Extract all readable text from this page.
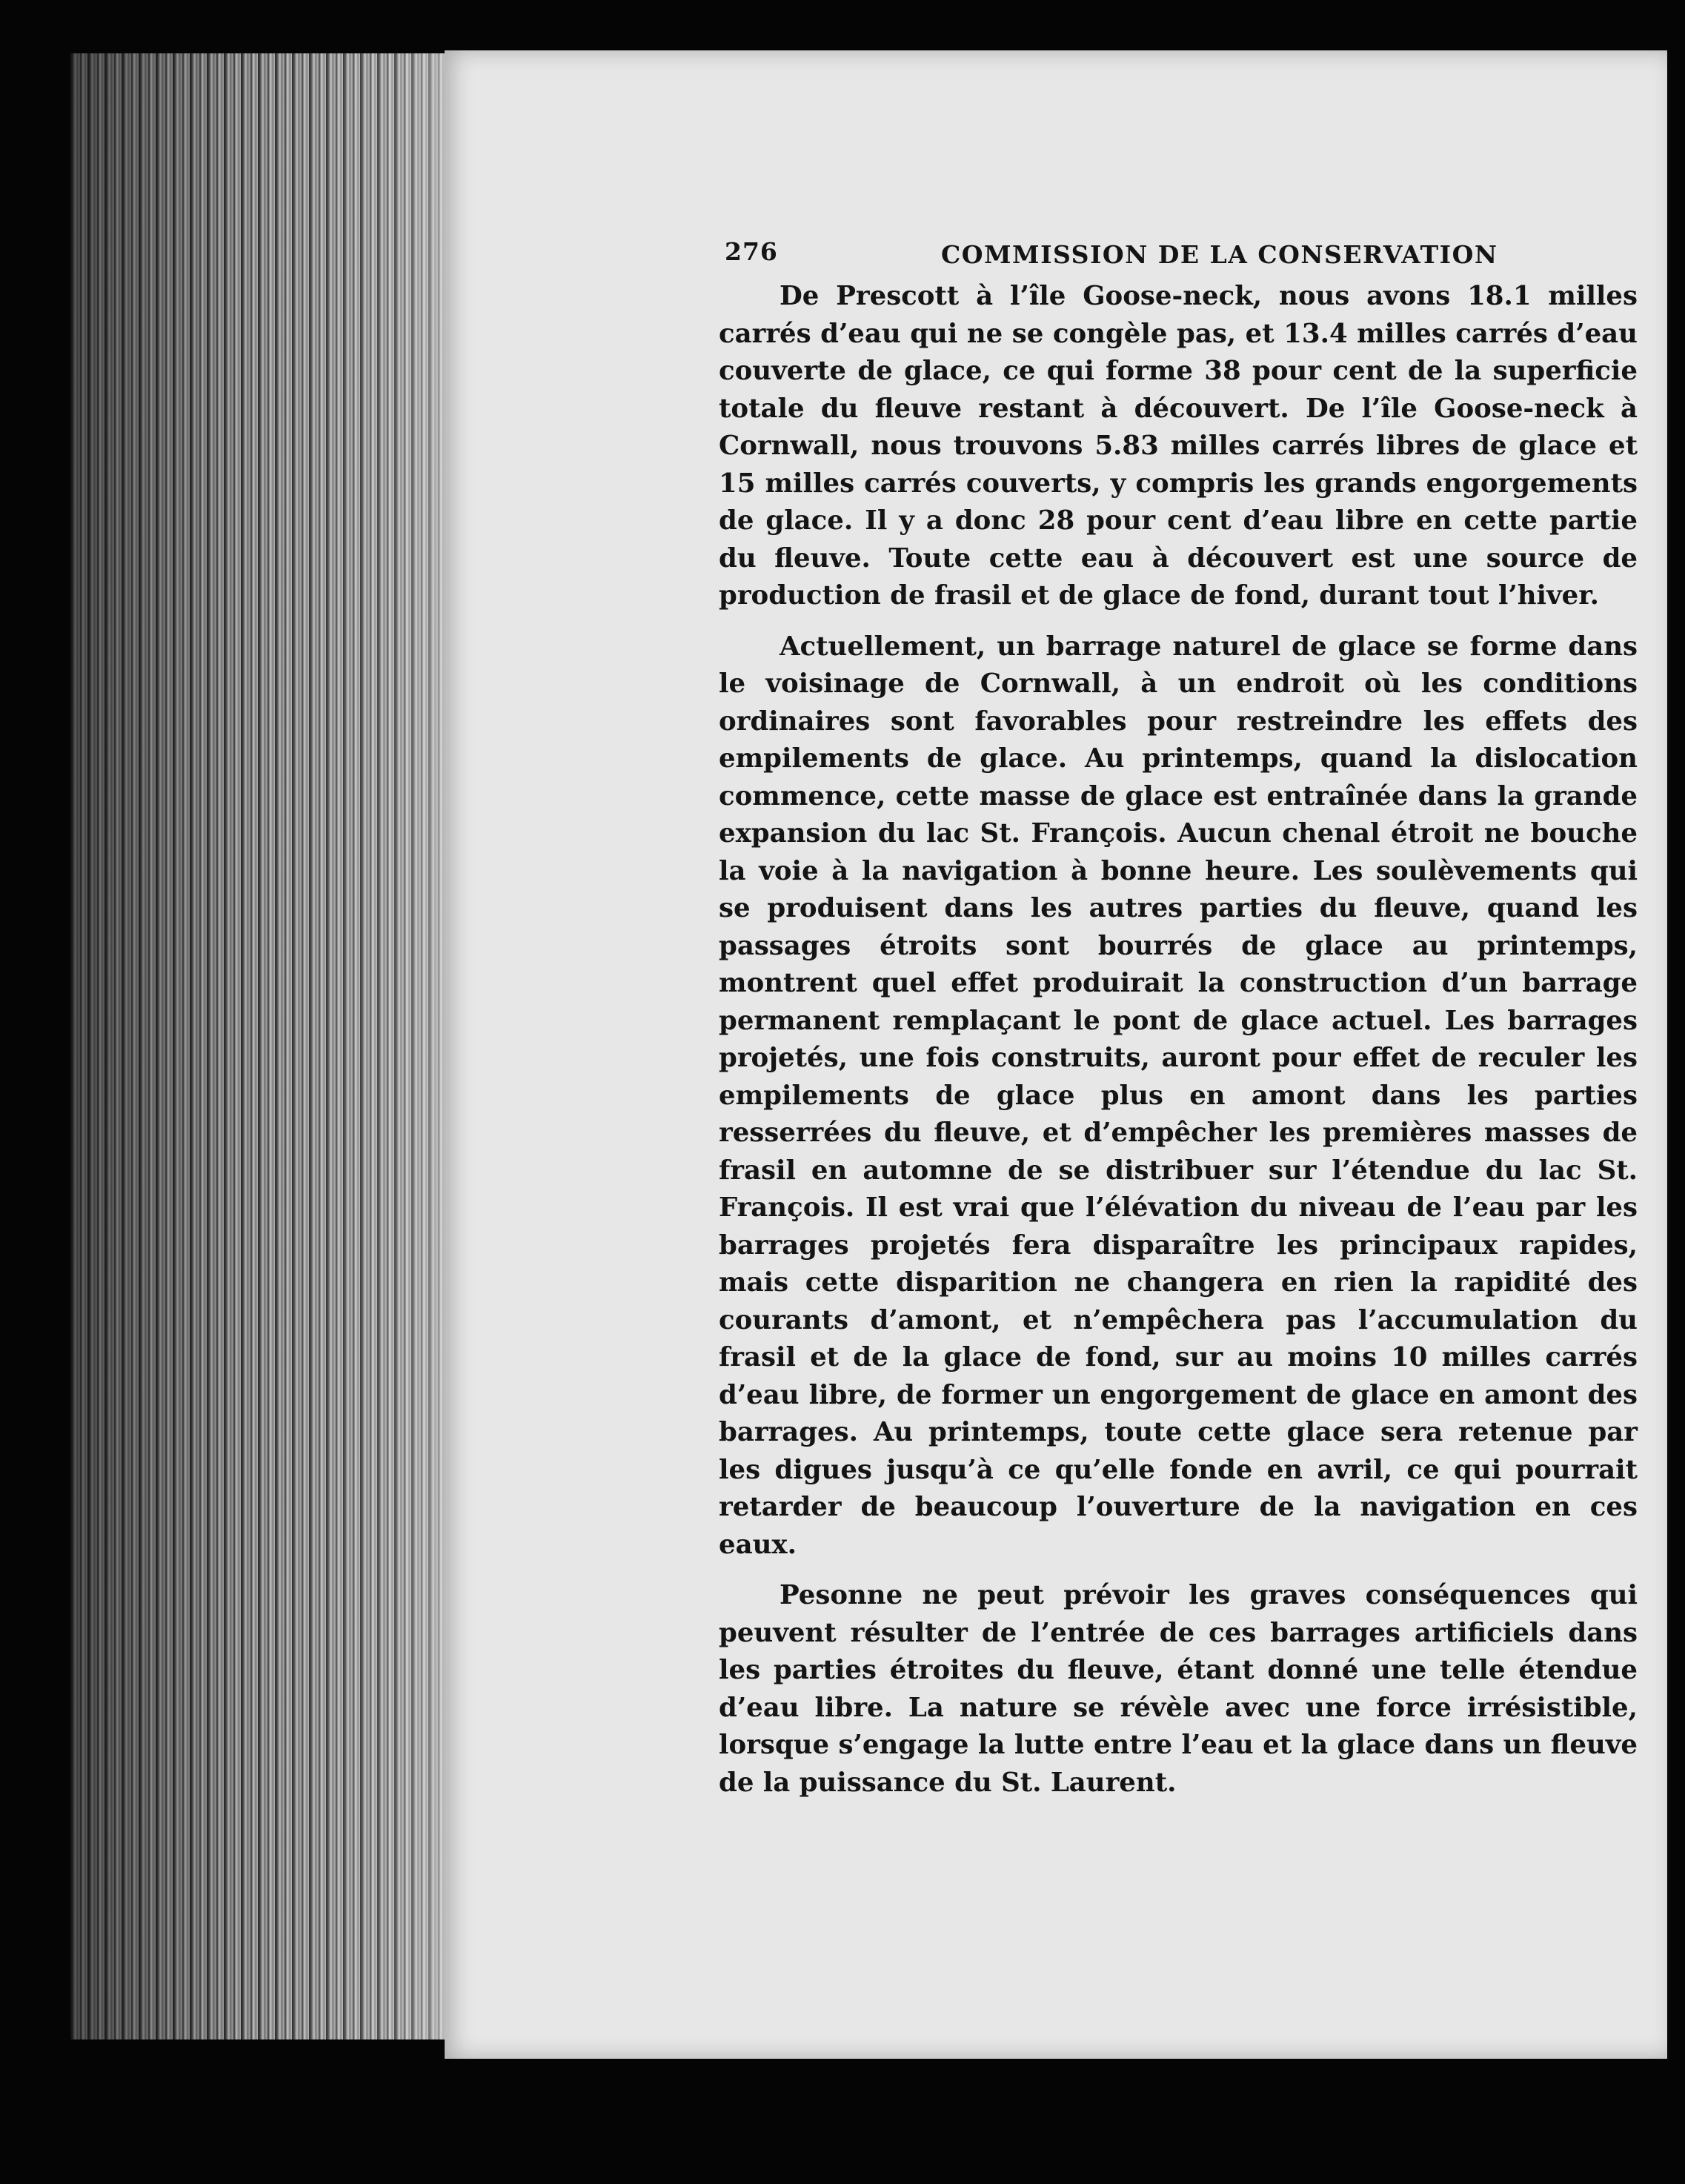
276	COMMISSION DE LA CONSERVATION

De Prescott à l’île Goose-neck, nous avons 18.1 milles carrés d’eau qui ne se congèle pas, et 13.4 milles carrés d’eau couverte de glace, ce qui forme 38 pour cent de la superficie totale du fleuve restant à découvert. De l’île Goose-neck à Cornwall, nous trouvons 5.83 milles carrés libres de glace et 15 milles carrés couverts, y compris les grands engorgements de glace. Il y a donc 28 pour cent d’eau libre en cette partie du fleuve. Toute cette eau à découvert est une source de production de frasil et de glace de fond, durant tout l’hiver.

Actuellement, un barrage naturel de glace se forme dans le voisinage de Cornwall, à un endroit où les conditions ordinaires sont favorables pour restreindre les effets des empilements de glace. Au printemps, quand la dislocation commence, cette masse de glace est entraînée dans la grande expansion du lac St. François. Aucun chenal étroit ne bouche la voie à la navigation à bonne heure. Les soulèvements qui se produisent dans les autres parties du fleuve, quand les passages étroits sont bourrés de glace au printemps, montrent quel effet produirait la construction d’un barrage permanent remplaçant le pont de glace actuel. Les barrages projetés, une fois construits, auront pour effet de reculer les empilements de glace plus en amont dans les parties resserrées du fleuve, et d’empêcher les premières masses de frasil en automne de se distribuer sur l’étendue du lac St. François. Il est vrai que l’élévation du niveau de l’eau par les barrages projetés fera disparaître les principaux rapides, mais cette disparition ne changera en rien la rapidité des courants d’amont, et n’empêchera pas l’accumulation du frasil et de la glace de fond, sur au moins 10 milles carrés d’eau libre, de former un engorgement de glace en amont des barrages. Au printemps, toute cette glace sera retenue par les digues jusqu’à ce qu’elle fonde en avril, ce qui pourrait retarder de beaucoup l’ouverture de la navigation en ces eaux.

Pesonne ne peut prévoir les graves conséquences qui peuvent résulter de l’entrée de ces barrages artificiels dans les parties étroites du fleuve, étant donné une telle étendue d’eau libre. La nature se révèle avec une force irrésistible, lorsque s’engage la lutte entre l’eau et la glace dans un fleuve de la puissance du St. Laurent.
